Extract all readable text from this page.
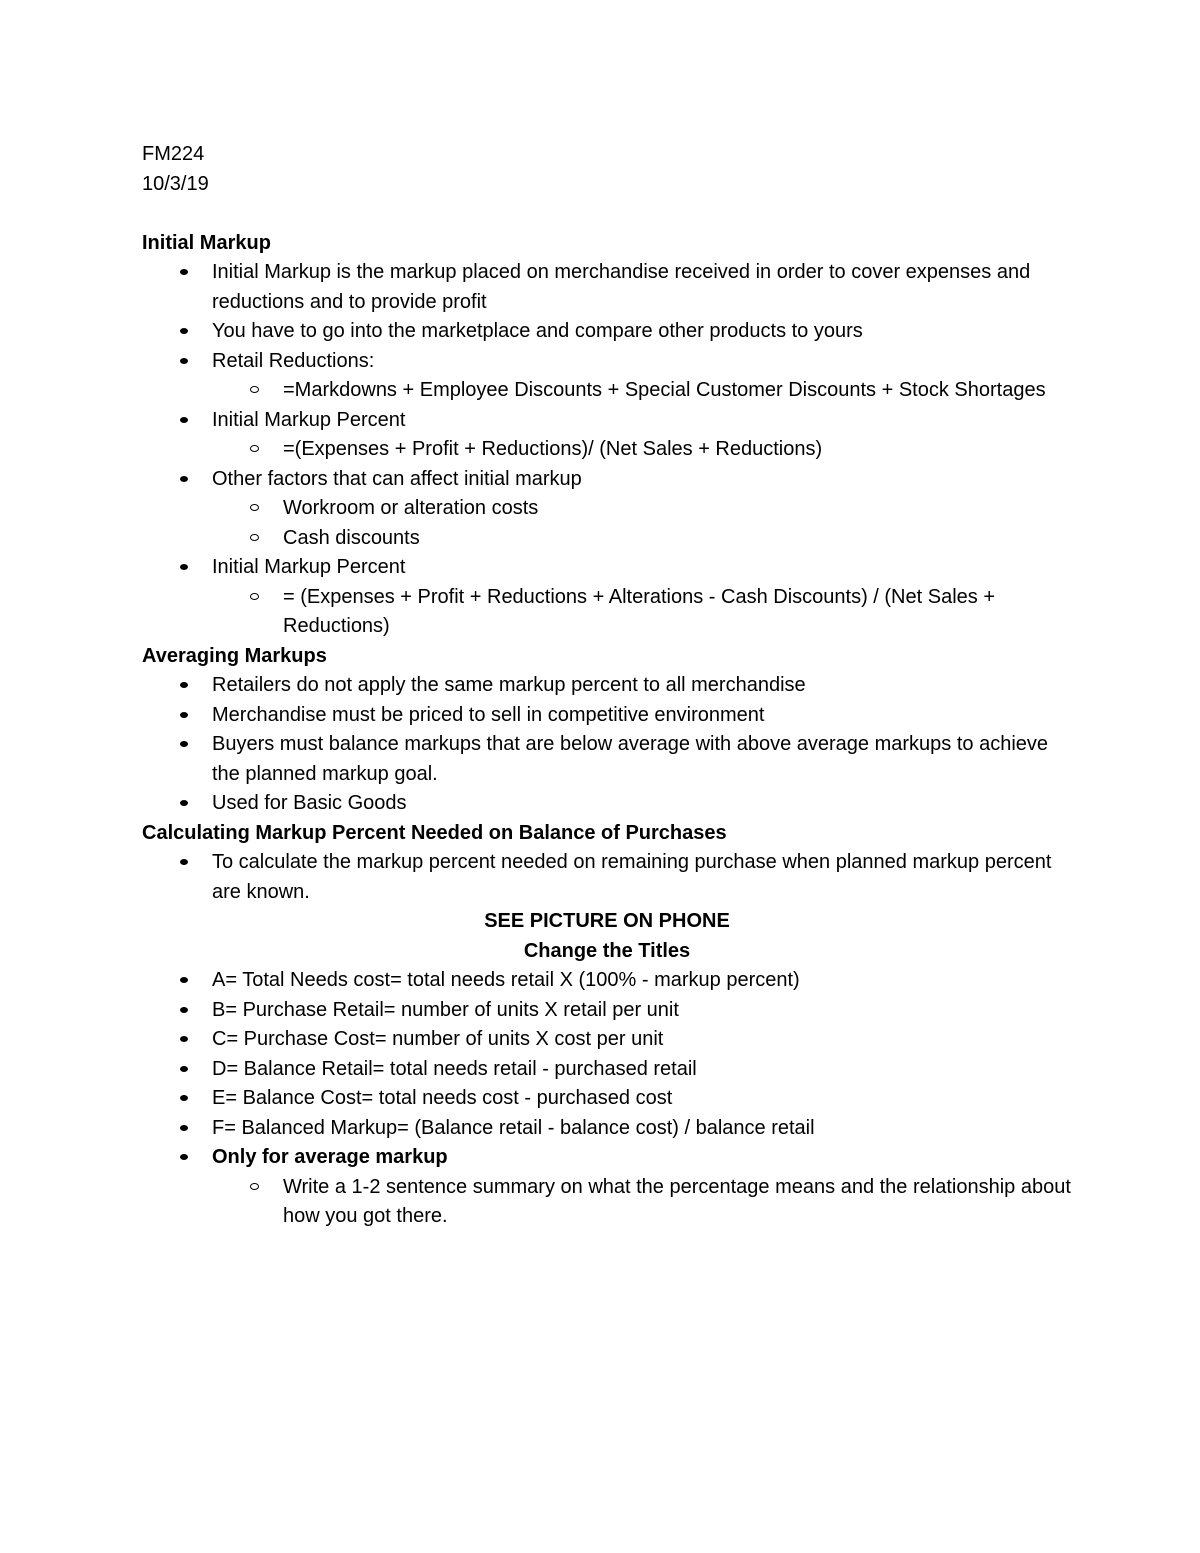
FM224

10/3/19

Initial Markup

Initial Markup is the markup placed on merchandise received in order to cover expenses and reductions and to provide profit
You have to go into the marketplace and compare other products to yours
Retail Reductions:
=Markdowns + Employee Discounts + Special Customer Discounts + Stock Shortages
Initial Markup Percent
=(Expenses + Profit + Reductions)/ (Net Sales + Reductions)
Other factors that can affect initial markup
Workroom or alteration costs
Cash discounts
Initial Markup Percent
= (Expenses + Profit + Reductions + Alterations - Cash Discounts) / (Net Sales + Reductions)

Averaging Markups

Retailers do not apply the same markup percent to all merchandise
Merchandise must be priced to sell in competitive environment
Buyers must balance markups that are below average with above average markups to achieve the planned markup goal.
Used for Basic Goods

Calculating Markup Percent Needed on Balance of Purchases

To calculate the markup percent needed on remaining purchase when planned markup percent are known.

SEE PICTURE ON PHONE

Change the Titles

A= Total Needs cost= total needs retail X (100% - markup percent)
B= Purchase Retail= number of units X retail per unit
C= Purchase Cost= number of units X cost per unit
D= Balance Retail= total needs retail - purchased retail
E= Balance Cost= total needs cost - purchased cost
F= Balanced Markup= (Balance retail - balance cost) / balance retail
Only for average markup
Write a 1-2 sentence summary on what the percentage means and the relationship about how you got there.
